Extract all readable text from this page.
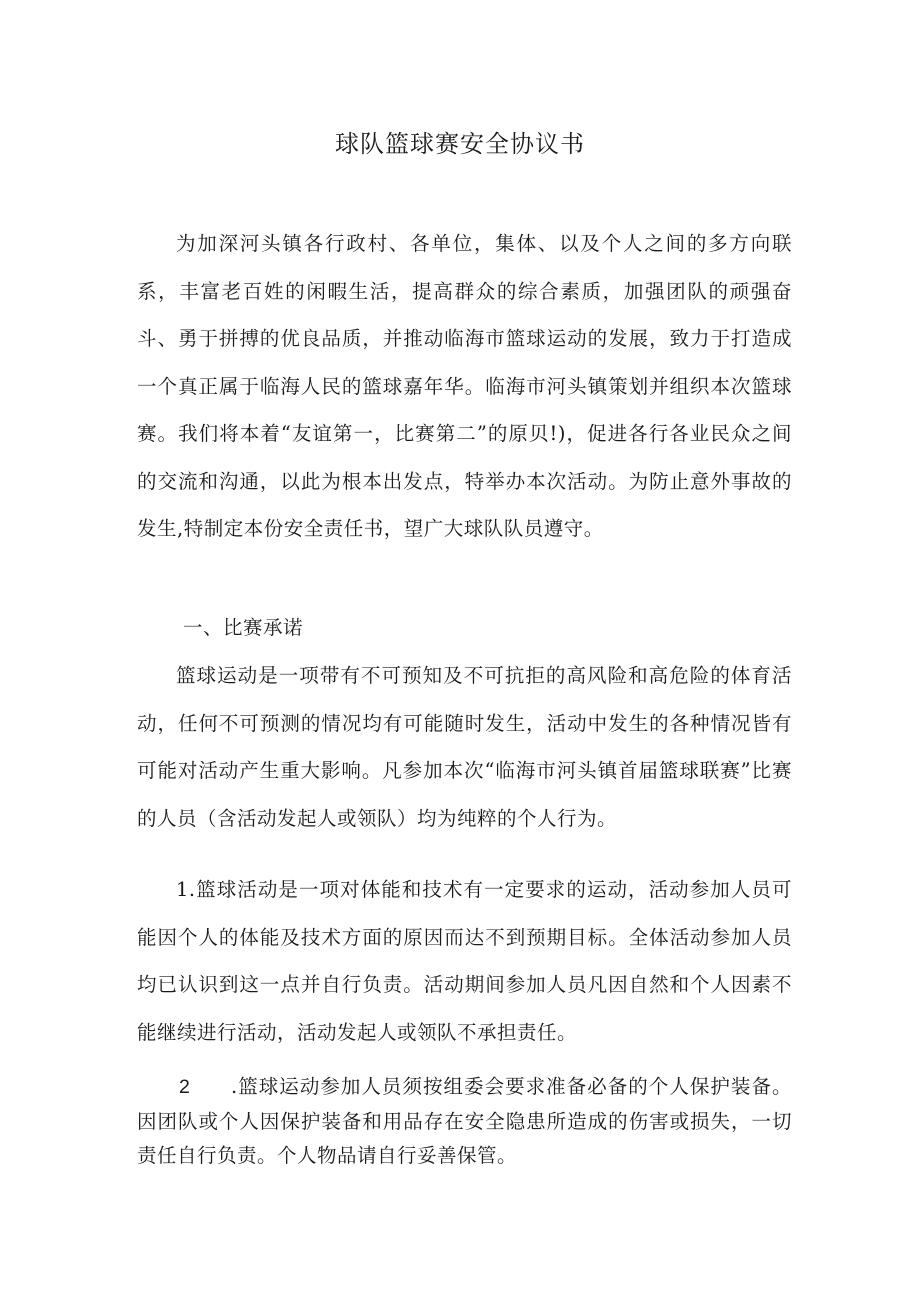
球队篮球赛安全协议书
为加深河头镇各行政村、各单位，集体、以及个人之间的多方向联系，丰富老百姓的闲暇生活，提高群众的综合素质，加强团队的顽强奋斗、勇于拼搏的优良品质，并推动临海市篮球运动的发展，致力于打造成一个真正属于临海人民的篮球嘉年华。临海市河头镇策划并组织本次篮球赛。我们将本着“友谊第一，比赛第二”的原贝!)，促进各行各业民众之间的交流和沟通，以此为根本出发点，特举办本次活动。为防止意外事故的发生,特制定本份安全责任书，望广大球队队员遵守。
一、比赛承诺
篮球运动是一项带有不可预知及不可抗拒的高风险和高危险的体育活动，任何不可预测的情况均有可能随时发生，活动中发生的各种情况皆有可能对活动产生重大影响。凡参加本次“临海市河头镇首届篮球联赛”比赛的人员（含活动发起人或领队）均为纯粹的个人行为。
1.篮球活动是一项对体能和技术有一定要求的运动，活动参加人员可能因个人的体能及技术方面的原因而达不到预期目标。全体活动参加人员均已认识到这一点并自行负责。活动期间参加人员凡因自然和个人因素不能继续进行活动，活动发起人或领队不承担责任。
2 .篮球运动参加人员须按组委会要求准备必备的个人保护装备。因团队或个人因保护装备和用品存在安全隐患所造成的伤害或损失，一切责任自行负责。个人物品请自行妥善保管。
